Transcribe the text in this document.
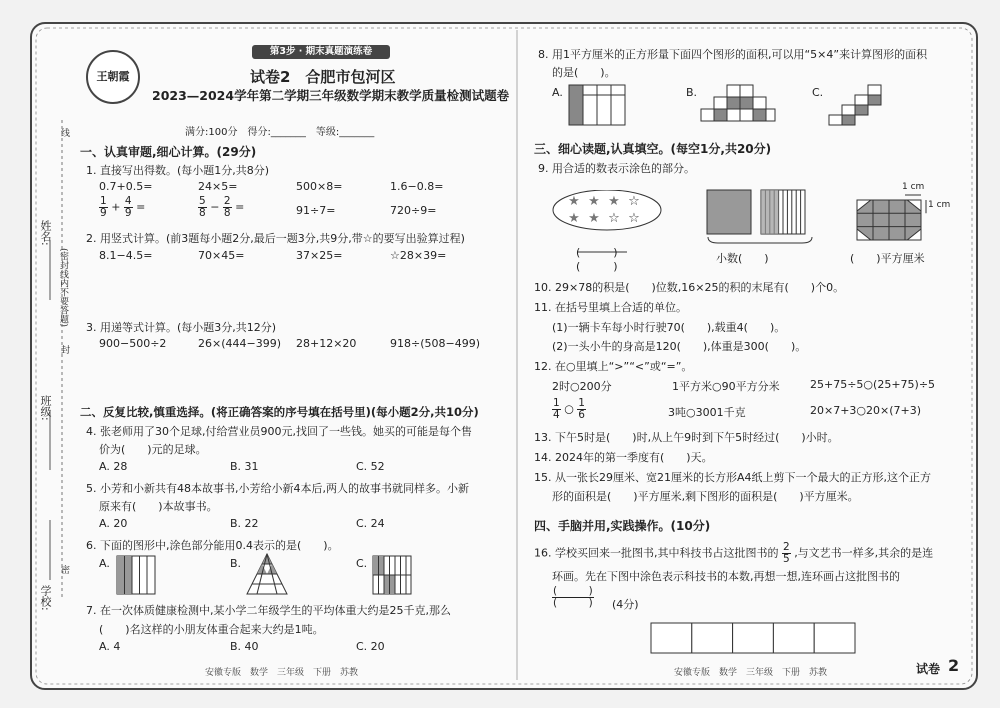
姓名:
班级:
学校:
(密封线内不要答题)
线
封
密
王朝霞
第3步 · 期末真题演练卷
试卷2　合肥市包河区
2023—2024学年第二学期三年级数学期末教学质量检测试题卷
满分:100分　得分:_______　等级:_______
一、认真审题,细心计算。(29分)
1. 直接写出得数。(每小题1分,共8分)
0.7+0.5=	24×5=	500×8=	1.6−0.8=
$\frac{1}{9} + \frac{4}{9}$ =	$\frac{5}{8} - \frac{2}{8}$ =	91÷7=	720÷9=
2. 用竖式计算。(前3题每小题2分,最后一题3分,共9分,带☆的要写出验算过程)
8.1−4.5=	70×45=	37×25=	☆28×39=
3. 用递等式计算。(每小题3分,共12分)
900−500÷2	26×(444−399) 28+12×20	918÷(508−499)
二、反复比较,慎重选择。(将正确答案的序号填在括号里)(每小题2分,共10分)
4. 张老师用了30个足球,付给营业员900元,找回了一些钱。她买的可能是每个售
价为(　　)元的足球。
A. 28	B. 31	C. 52
5. 小芳和小新共有48本故事书,小芳给小新4本后,两人的故事书就同样多。小新
原来有(　　)本故事书。
A. 20	B. 22	C. 24
6. 下面的图形中,涂色部分能用0.4表示的是(　　)。
A.	B.	C.
7. 在一次体质健康检测中,某小学二年级学生的平均体重大约是25千克,那么
(　　)名这样的小朋友体重合起来大约是1吨。
A. 4	B. 40	C. 20
安徽专版　数学　三年级　下册　苏教
8. 用1平方厘米的正方形量下面四个图形的面积,可以用“5×4”来计算图形的面积
的是(　　)。
A.	B.	C.
三、细心读题,认真填空。(每空1分,共20分)
9. 用合适的数表示涂色的部分。
★ ★ ★ ☆
★ ★ ☆ ☆
(　　　)
(　　　)
小数(　　)
1 cm
1 cm
(　　)平方厘米
10. 29×78的积是(　　)位数,16×25的积的末尾有(　　)个0。
11. 在括号里填上合适的单位。
(1)一辆卡车每小时行驶70(　　),载重4(　　)。
(2)一头小牛的身高是120(　　),体重是300(　　)。
12. 在○里填上“>”“<”或“=”。
2时○200分	1平方米○90平方分米	25+75÷5○(25+75)÷5
$\frac{1}{4}$ ○ $\frac{1}{6}$	3吨○3001千克	20×7+3○20×(7+3)
13. 下午5时是(　　)时,从上午9时到下午5时经过(　　)小时。
14. 2024年的第一季度有(　　)天。
15. 从一张长29厘米、宽21厘米的长方形A4纸上剪下一个最大的正方形,这个正方
形的面积是(　　)平方厘米,剩下图形的面积是(　　)平方厘米。
四、手脑并用,实践操作。(10分)
16. 学校买回来一批图书,其中科技书占这批图书的 $\frac{2}{5}$ ,与文艺书一样多,其余的是连
环画。先在下图中涂色表示科技书的本数,再想一想,连环画占这批图书的
$\frac{( )}{( )} (4$分)
安徽专版　数学　三年级　下册　苏教	试卷 2
